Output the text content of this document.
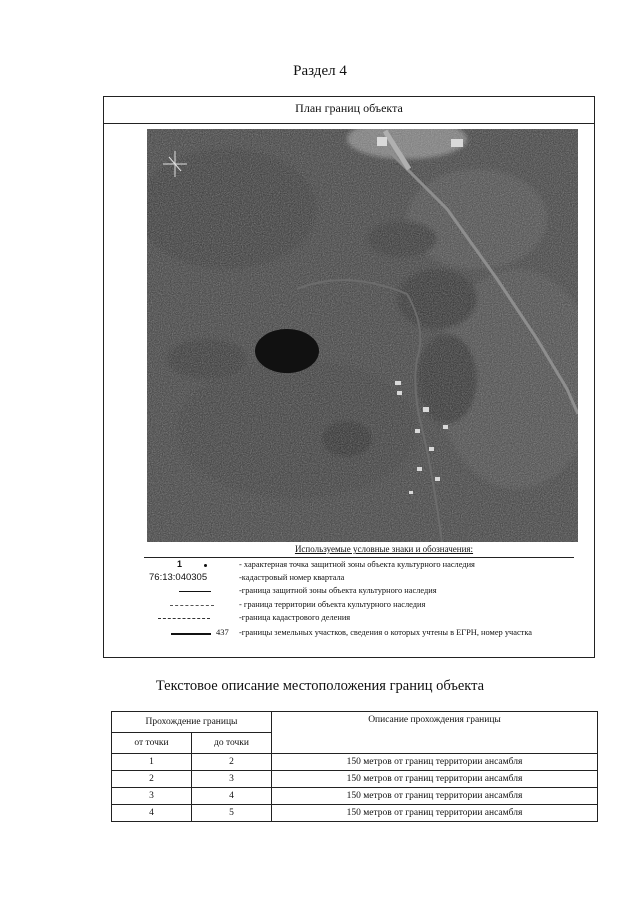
Раздел 4
План границ объекта
Используемые условные знаки и обозначения:
1	- характерная точка защитной зоны объекта культурного наследия
76:13:040305	-кадастровый номер квартала
-граница защитной зоны объекта культурного наследия
- граница территории объекта культурного наследия
-граница кадастрового деления
437 -границы земельных участков, сведения о которых учтены в ЕГРН, номер участка
Текстовое описание местоположения границ объекта
Прохождение границы		Описание прохождения границы
от точки	до точки	
1	2	150 метров от границ территории ансамбля
2	3	150 метров от границ территории ансамбля
3	4	150 метров от границ территории ансамбля
4	5	150 метров от границ территории ансамбля
